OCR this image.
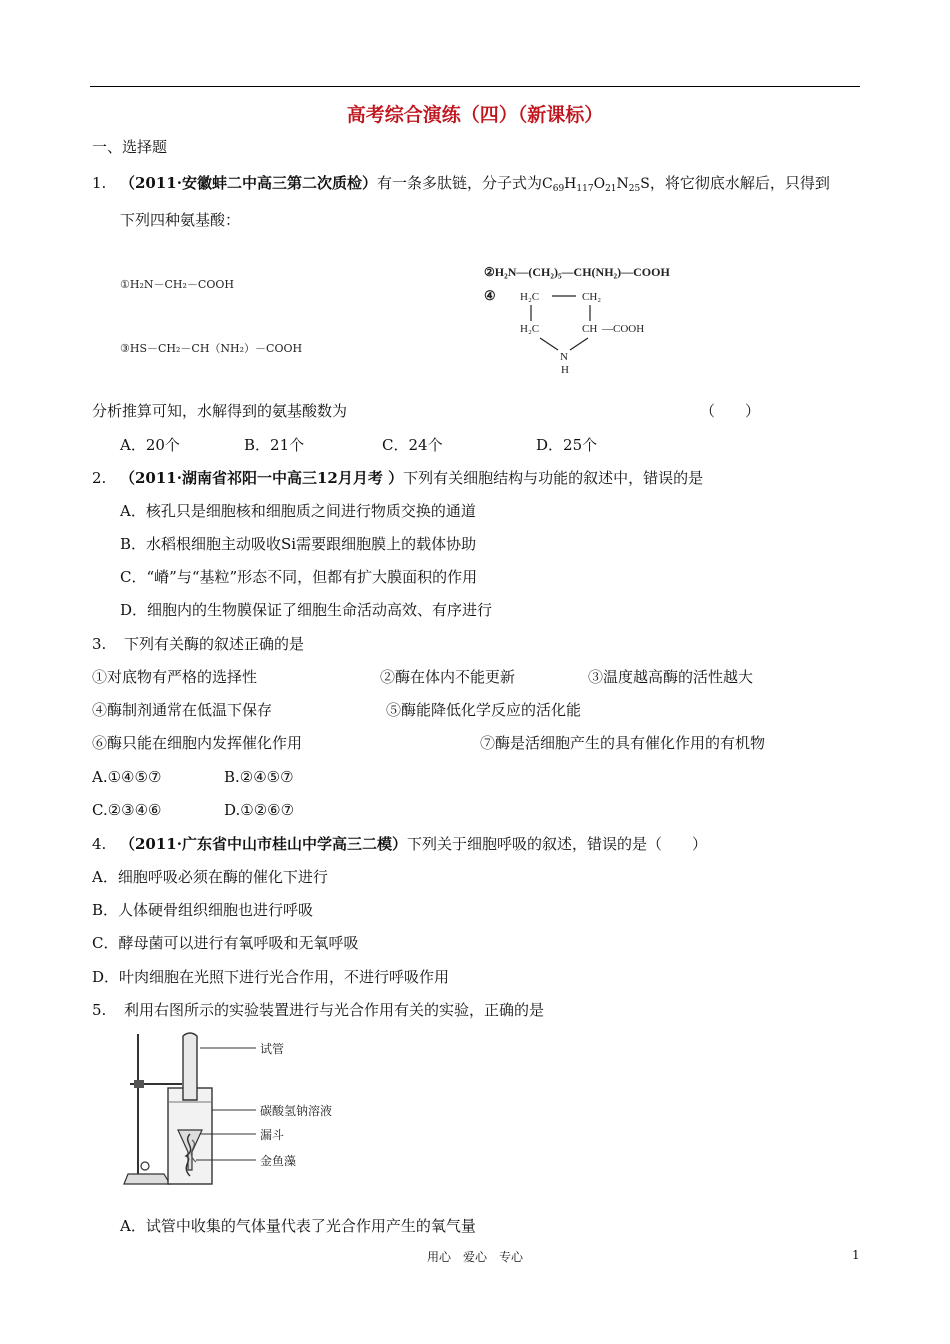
高考综合演练（四）（新课标）
一、选择题
1. （2011·安徽蚌二中高三第二次质检）有一条多肽链，分子式为$C_{69}H_{117}O_{21}N_{25}S$，将它彻底水解后，只得到
下列四种氨基酸：
①H₂N－CH₂－COOH
③HS－CH₂－CH（NH₂）－COOH
②H₂N—(CH₂)₅—CH(NH₂)—COOH
④ H₂C	CH₂
H₂C	CH —COOH
N
H
分析推算可知，水解得到的氨基酸数为	（　　）
A．20个	B．21个	C．24个	D．25个
2. （2011·湖南省祁阳一中高三12月月考 ）下列有关细胞结构与功能的叙述中，错误的是
A．核孔只是细胞核和细胞质之间进行物质交换的通道
B．水稻根细胞主动吸收Si需要跟细胞膜上的载体协助
C．“嵴”与“基粒”形态不同，但都有扩大膜面积的作用
D．细胞内的生物膜保证了细胞生命活动高效、有序进行
3. 下列有关酶的叙述正确的是
①对底物有严格的选择性	②酶在体内不能更新	③温度越高酶的活性越大
④酶制剂通常在低温下保存	⑤酶能降低化学反应的活化能
⑥酶只能在细胞内发挥催化作用	⑦酶是活细胞产生的具有催化作用的有机物
A.①④⑤⑦	B.②④⑤⑦
C.②③④⑥	D.①②⑥⑦
4. （2011·广东省中山市桂山中学高三二模）下列关于细胞呼吸的叙述，错误的是（　　）
A．细胞呼吸必须在酶的催化下进行
B．人体硬骨组织细胞也进行呼吸
C．酵母菌可以进行有氧呼吸和无氧呼吸
D．叶肉细胞在光照下进行光合作用，不进行呼吸作用
5. 利用右图所示的实验装置进行与光合作用有关的实验，正确的是
试管
碳酸氢钠溶液
漏斗
金鱼藻
A．试管中收集的气体量代表了光合作用产生的氧气量
用心　爱心　专心	1
